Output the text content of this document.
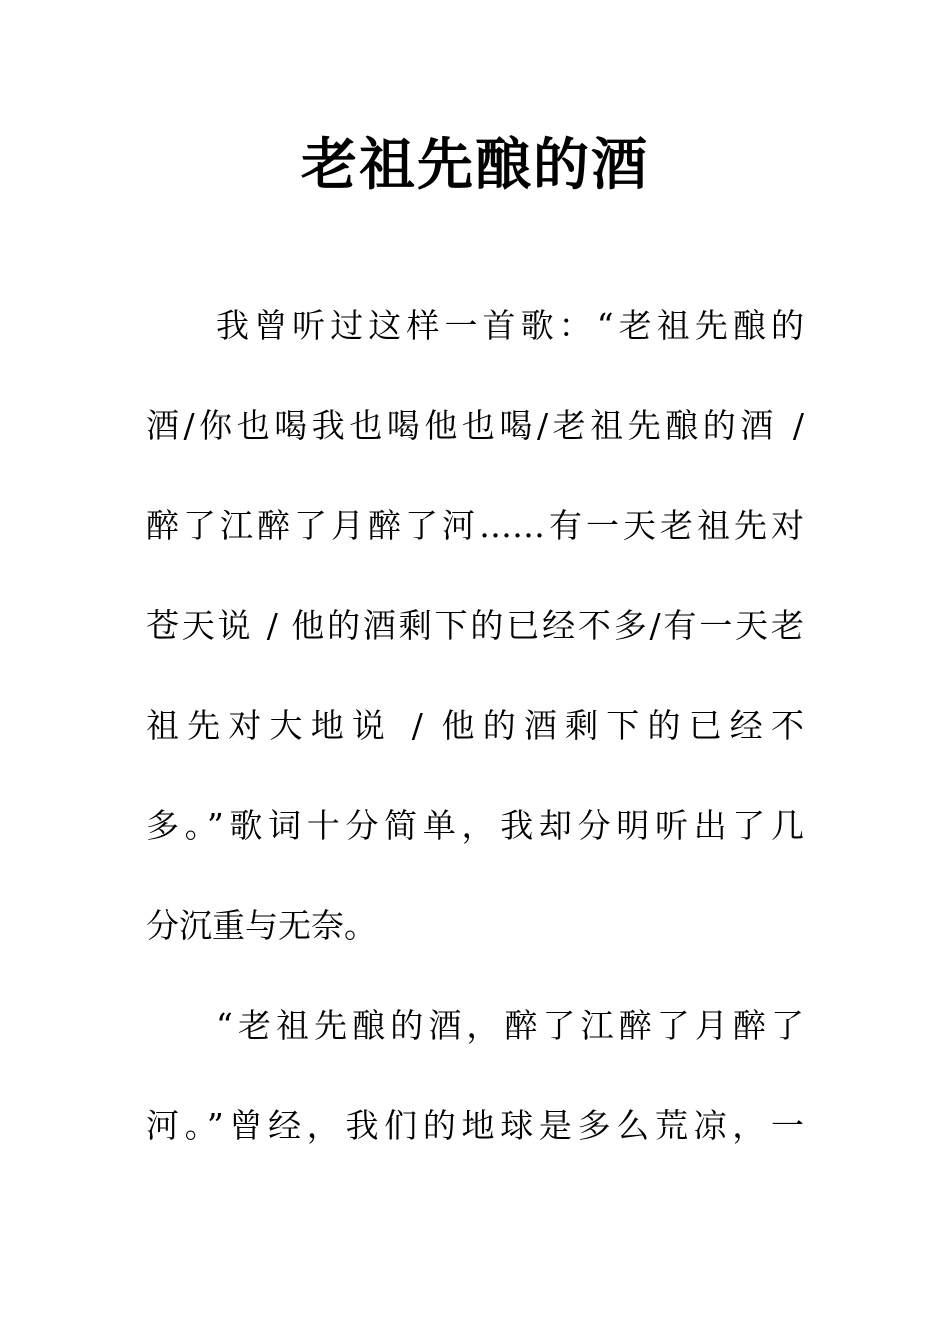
老祖先酿的酒
我曾听过这样一首歌：“老祖先酿的
酒/你也喝我也喝他也喝/老祖先酿的酒 /
醉了江醉了月醉了河……有一天老祖先对
苍天说 / 他的酒剩下的已经不多/有一天老
祖先对大地说 / 他的酒剩下的已经不
多。”歌词十分简单，我却分明听出了几
分沉重与无奈。
“老祖先酿的酒，醉了江醉了月醉了
河。”曾经，我们的地球是多么荒凉，一
